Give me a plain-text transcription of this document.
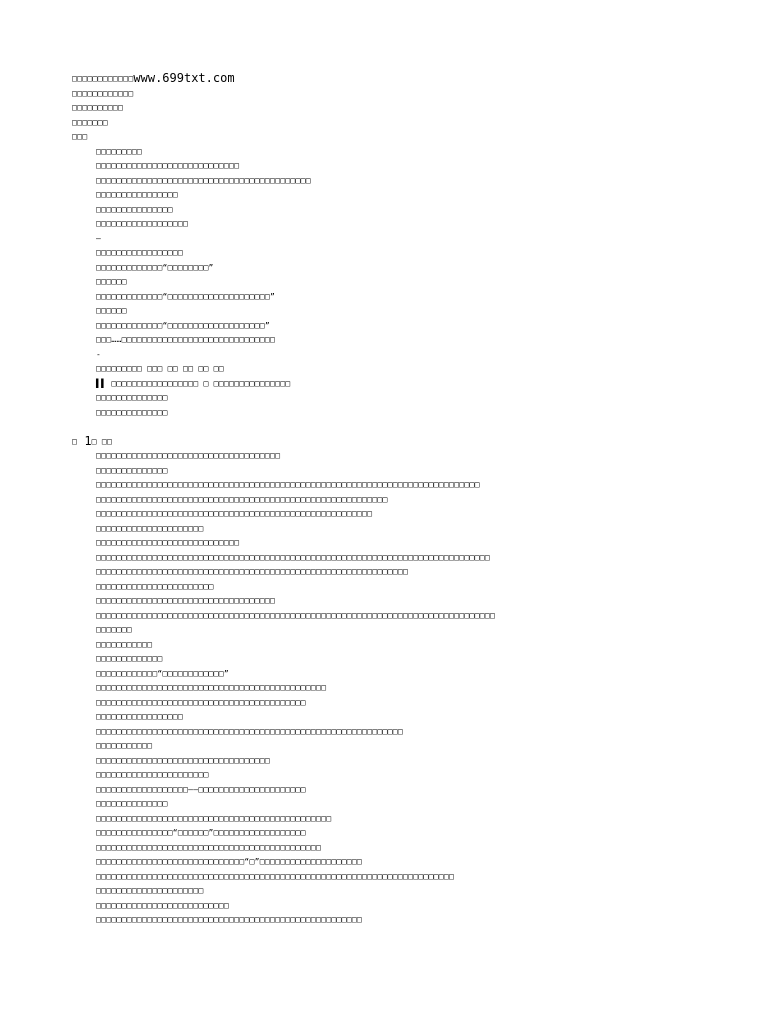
□□□□□□□□□□□□www.699txt.com
□□□□□□□□□□□□
□□□□□□□□□□
□□□□□□□
□□□
□□□□□□□□□
□□□□□□□□□□□□□□□□□□□□□□□□□□□□
□□□□□□□□□□□□□□□□□□□□□□□□□□□□□□□□□□□□□□□□□□
□□□□□□□□□□□□□□□□
□□□□□□□□□□□□□□□
□□□□□□□□□□□□□□□□□□
—
□□□□□□□□□□□□□□□□□
□□□□□□□□□□□□□“□□□□□□□□”
□□□□□□
□□□□□□□□□□□□□“□□□□□□□□□□□□□□□□□□□□”
□□□□□□
□□□□□□□□□□□□□“□□□□□□□□□□□□□□□□□□□”
□□□……□□□□□□□□□□□□□□□□□□□□□□□□□□□□□□
-
□□□□□□□□□ □□□ □□ □□ □□ □□
▌▌ □□□□□□□□□□□□□□□□□ □ □□□□□□□□□□□□□□□
□□□□□□□□□□□□□□
□□□□□□□□□□□□□□
□ 1□ □□
□□□□□□□□□□□□□□□□□□□□□□□□□□□□□□□□□□□□
□□□□□□□□□□□□□□
□□□□□□□□□□□□□□□□□□□□□□□□□□□□□□□□□□□□□□□□□□□□□□□□□□□□□□□□□□□□□□□□□□□□□□□□□□□
□□□□□□□□□□□□□□□□□□□□□□□□□□□□□□□□□□□□□□□□□□□□□□□□□□□□□□□□□
□□□□□□□□□□□□□□□□□□□□□□□□□□□□□□□□□□□□□□□□□□□□□□□□□□□□□□
□□□□□□□□□□□□□□□□□□□□□
□□□□□□□□□□□□□□□□□□□□□□□□□□□□
□□□□□□□□□□□□□□□□□□□□□□□□□□□□□□□□□□□□□□□□□□□□□□□□□□□□□□□□□□□□□□□□□□□□□□□□□□□□□
□□□□□□□□□□□□□□□□□□□□□□□□□□□□□□□□□□□□□□□□□□□□□□□□□□□□□□□□□□□□□
□□□□□□□□□□□□□□□□□□□□□□□
□□□□□□□□□□□□□□□□□□□□□□□□□□□□□□□□□□□
□□□□□□□□□□□□□□□□□□□□□□□□□□□□□□□□□□□□□□□□□□□□□□□□□□□□□□□□□□□□□□□□□□□□□□□□□□□□□□
□□□□□□□
□□□□□□□□□□□
□□□□□□□□□□□□□
□□□□□□□□□□□□“□□□□□□□□□□□□”
□□□□□□□□□□□□□□□□□□□□□□□□□□□□□□□□□□□□□□□□□□□□□
□□□□□□□□□□□□□□□□□□□□□□□□□□□□□□□□□□□□□□□□□
□□□□□□□□□□□□□□□□□
□□□□□□□□□□□□□□□□□□□□□□□□□□□□□□□□□□□□□□□□□□□□□□□□□□□□□□□□□□□□
□□□□□□□□□□□
□□□□□□□□□□□□□□□□□□□□□□□□□□□□□□□□□□
□□□□□□□□□□□□□□□□□□□□□□
□□□□□□□□□□□□□□□□□□——□□□□□□□□□□□□□□□□□□□□□
□□□□□□□□□□□□□□
□□□□□□□□□□□□□□□□□□□□□□□□□□□□□□□□□□□□□□□□□□□□□□
□□□□□□□□□□□□□□□“□□□□□□”□□□□□□□□□□□□□□□□□□
□□□□□□□□□□□□□□□□□□□□□□□□□□□□□□□□□□□□□□□□□□□□
□□□□□□□□□□□□□□□□□□□□□□□□□□□□□“□”□□□□□□□□□□□□□□□□□□□□
□□□□□□□□□□□□□□□□□□□□□□□□□□□□□□□□□□□□□□□□□□□□□□□□□□□□□□□□□□□□□□□□□□□□□□
□□□□□□□□□□□□□□□□□□□□□
□□□□□□□□□□□□□□□□□□□□□□□□□□
□□□□□□□□□□□□□□□□□□□□□□□□□□□□□□□□□□□□□□□□□□□□□□□□□□□□
